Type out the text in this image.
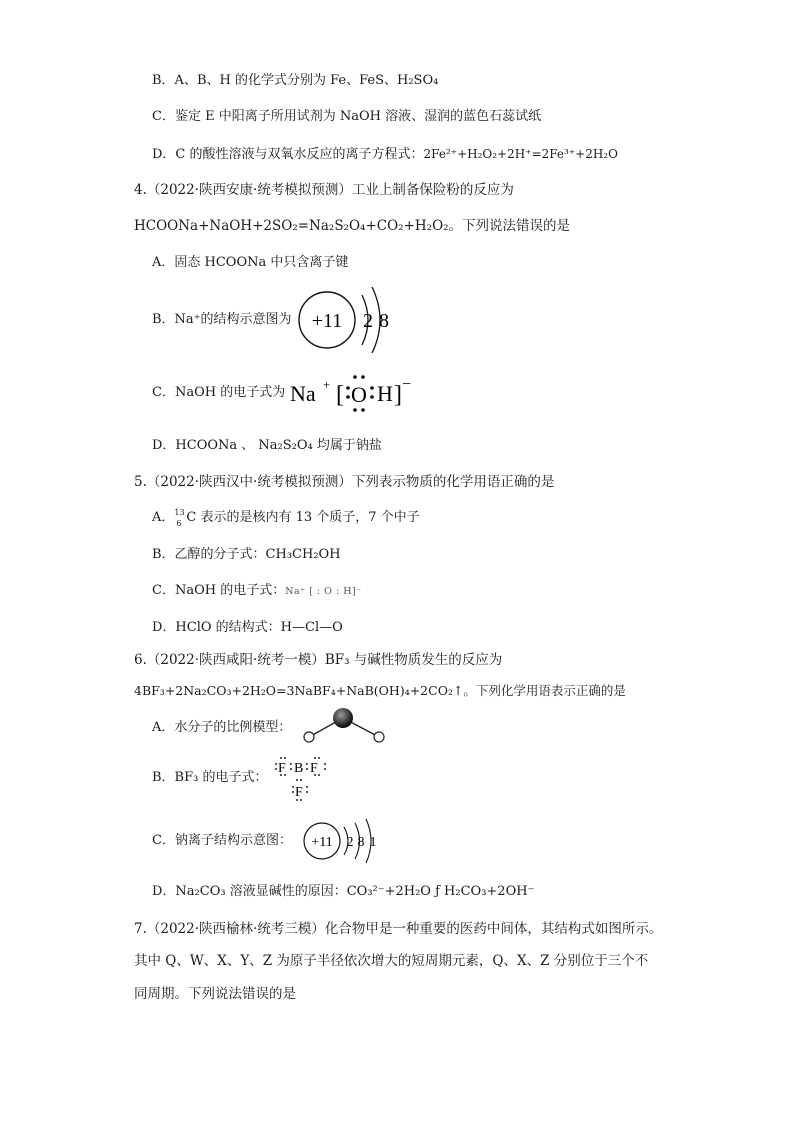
B．A、B、H 的化学式分别为 Fe、FeS、H₂SO₄
C．鉴定 E 中阳离子所用试剂为 NaOH 溶液、湿润的蓝色石蕊试纸
D．C 的酸性溶液与双氧水反应的离子方程式：2Fe²⁺+H₂O₂+2H⁺=2Fe³⁺+2H₂O
4.（2022·陕西安康·统考模拟预测）工业上制备保险粉的反应为
HCOONa+NaOH+2SO₂=Na₂S₂O₄+CO₂+H₂O₂。下列说法错误的是
A．固态 HCOONa 中只含离子键
B．Na⁺的结构示意图为 +11 2 8
C．NaOH 的电子式为 Na + [ O H ] −
D．HCOONa 、 Na₂S₂O₄ 均属于钠盐
5.（2022·陕西汉中·统考模拟预测）下列表示物质的化学用语正确的是
A． 13
6 C 表示的是核内有 13 个质子，7 个中子
B．乙醇的分子式：CH₃CH₂OH
C．NaOH 的电子式：Na⁺ [ : O : H]⁻
D．HClO 的结构式：H—Cl—O
6.（2022·陕西咸阳·统考一模）BF₃ 与碱性物质发生的反应为
4BF₃+2Na₂CO₃+2H₂O=3NaBF₄+NaB(OH)₄+2CO₂↑。下列化学用语表示正确的是
A．水分子的比例模型：
B．BF₃ 的电子式：
F B F
F
C．钠离子结构示意图： +11 2 8 1
D．Na₂CO₃ 溶液显碱性的原因：CO₃²⁻+2H₂O ƒ H₂CO₃+2OH⁻
7.（2022·陕西榆林·统考三模）化合物甲是一种重要的医药中间体，其结构式如图所示。
其中 Q、W、X、Y、Z 为原子半径依次增大的短周期元素，Q、X、Z 分别位于三个不
同周期。下列说法错误的是
